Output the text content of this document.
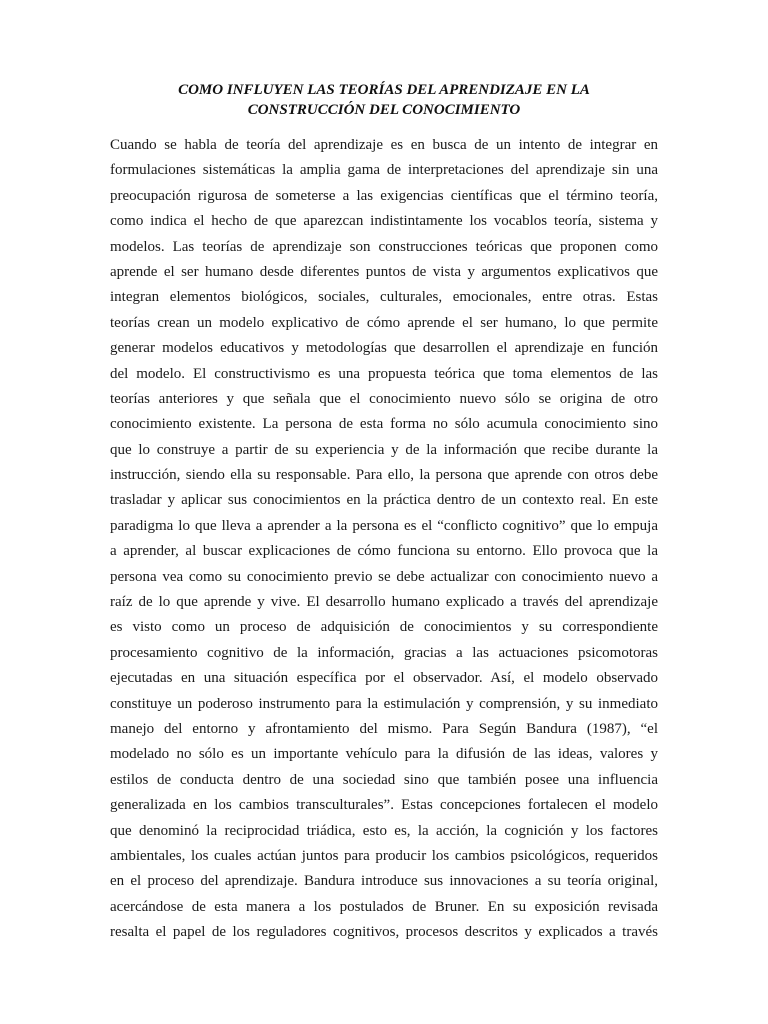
COMO INFLUYEN LAS TEORÍAS DEL APRENDIZAJE EN LA
CONSTRUCCIÓN DEL CONOCIMIENTO
Cuando se habla de teoría del aprendizaje es en busca de un intento de integrar en
formulaciones sistemáticas la amplia gama de interpretaciones del aprendizaje sin una
preocupación rigurosa de someterse a las exigencias científicas que el término teoría,
como indica el hecho de que aparezcan indistintamente los vocablos teoría, sistema y
modelos. Las teorías de aprendizaje son construcciones teóricas que proponen como
aprende el ser humano desde diferentes puntos de vista y argumentos explicativos que
integran elementos biológicos, sociales, culturales, emocionales, entre otras. Estas
teorías crean un modelo explicativo de cómo aprende el ser humano, lo que permite
generar modelos educativos y metodologías que desarrollen el aprendizaje en función
del modelo. El constructivismo es una propuesta teórica que toma elementos de las
teorías anteriores y que señala que el conocimiento nuevo sólo se origina de otro
conocimiento existente. La persona de esta forma no sólo acumula conocimiento sino
que lo construye a partir de su experiencia y de la información que recibe durante la
instrucción, siendo ella su responsable. Para ello, la persona que aprende con otros debe
trasladar y aplicar sus conocimientos en la práctica dentro de un contexto real. En este
paradigma lo que lleva a aprender a la persona es el “conflicto cognitivo” que lo empuja
a aprender, al buscar explicaciones de cómo funciona su entorno. Ello provoca que la
persona vea como su conocimiento previo se debe actualizar con conocimiento nuevo a
raíz de lo que aprende y vive. El desarrollo humano explicado a través del aprendizaje
es visto como un proceso de adquisición de conocimientos y su correspondiente
procesamiento cognitivo de la información, gracias a las actuaciones psicomotoras
ejecutadas en una situación específica por el observador. Así, el modelo observado
constituye un poderoso instrumento para la estimulación y comprensión, y su inmediato
manejo del entorno y afrontamiento del mismo. Para Según Bandura (1987), “el
modelado no sólo es un importante vehículo para la difusión de las ideas, valores y
estilos de conducta dentro de una sociedad sino que también posee una influencia
generalizada en los cambios transculturales”. Estas concepciones fortalecen el modelo
que denominó la reciprocidad triádica, esto es, la acción, la cognición y los factores
ambientales, los cuales actúan juntos para producir los cambios psicológicos, requeridos
en el proceso del aprendizaje. Bandura introduce sus innovaciones a su teoría original,
acercándose de esta manera a los postulados de Bruner. En su exposición revisada
resalta el papel de los reguladores cognitivos, procesos descritos y explicados a través
